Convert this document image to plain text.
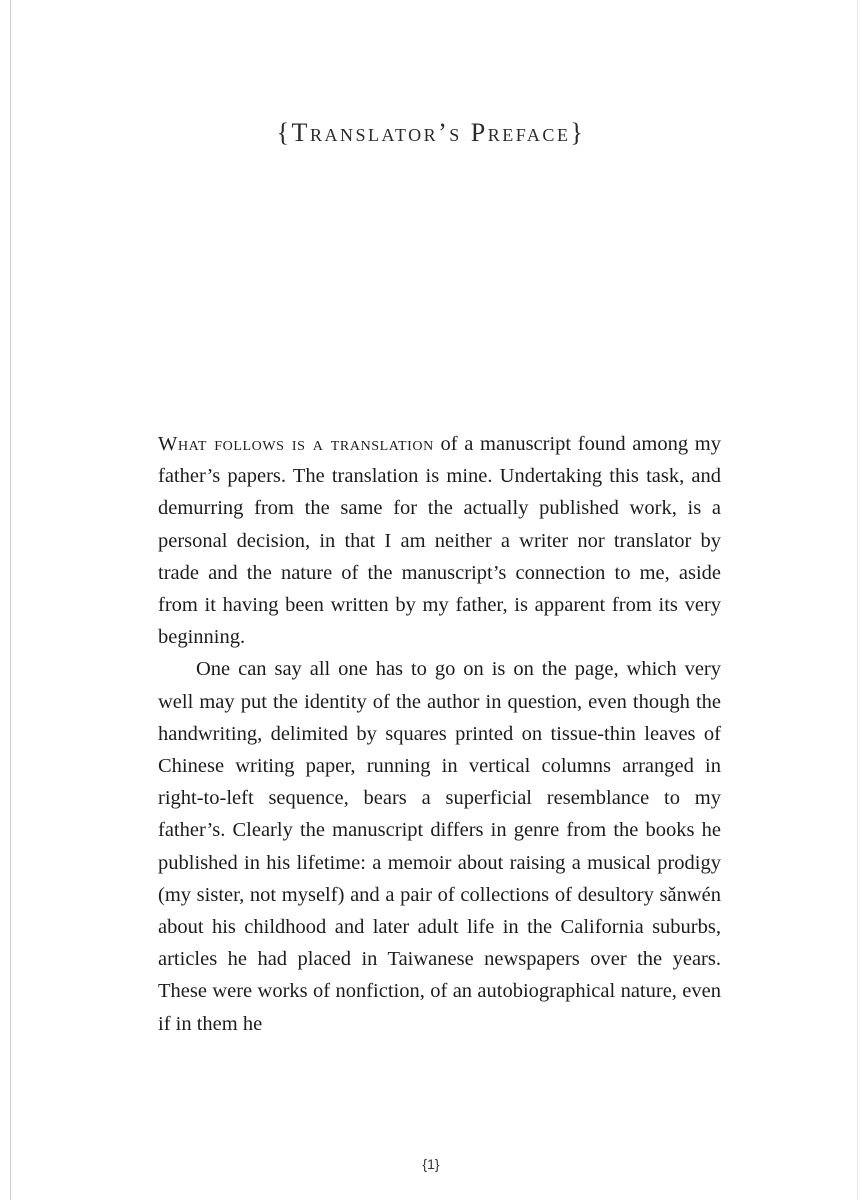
{Translator’s Preface}

What follows is a translation of a manuscript found among my father’s papers. The translation is mine. Undertaking this task, and demurring from the same for the actually published work, is a personal decision, in that I am neither a writer nor translator by trade and the nature of the manuscript’s connection to me, aside from it having been written by my father, is apparent from its very beginning.

One can say all one has to go on is on the page, which very well may put the identity of the author in question, even though the handwriting, delimited by squares printed on tissue-thin leaves of Chinese writing paper, running in vertical columns arranged in right-to-left sequence, bears a superficial resemblance to my father’s. Clearly the manuscript differs in genre from the books he published in his lifetime: a memoir about raising a musical prodigy (my sister, not myself) and a pair of collections of desultory sǎnwén about his childhood and later adult life in the California suburbs, articles he had placed in Taiwanese newspapers over the years. These were works of nonfiction, of an autobiographical nature, even if in them he

{1}
